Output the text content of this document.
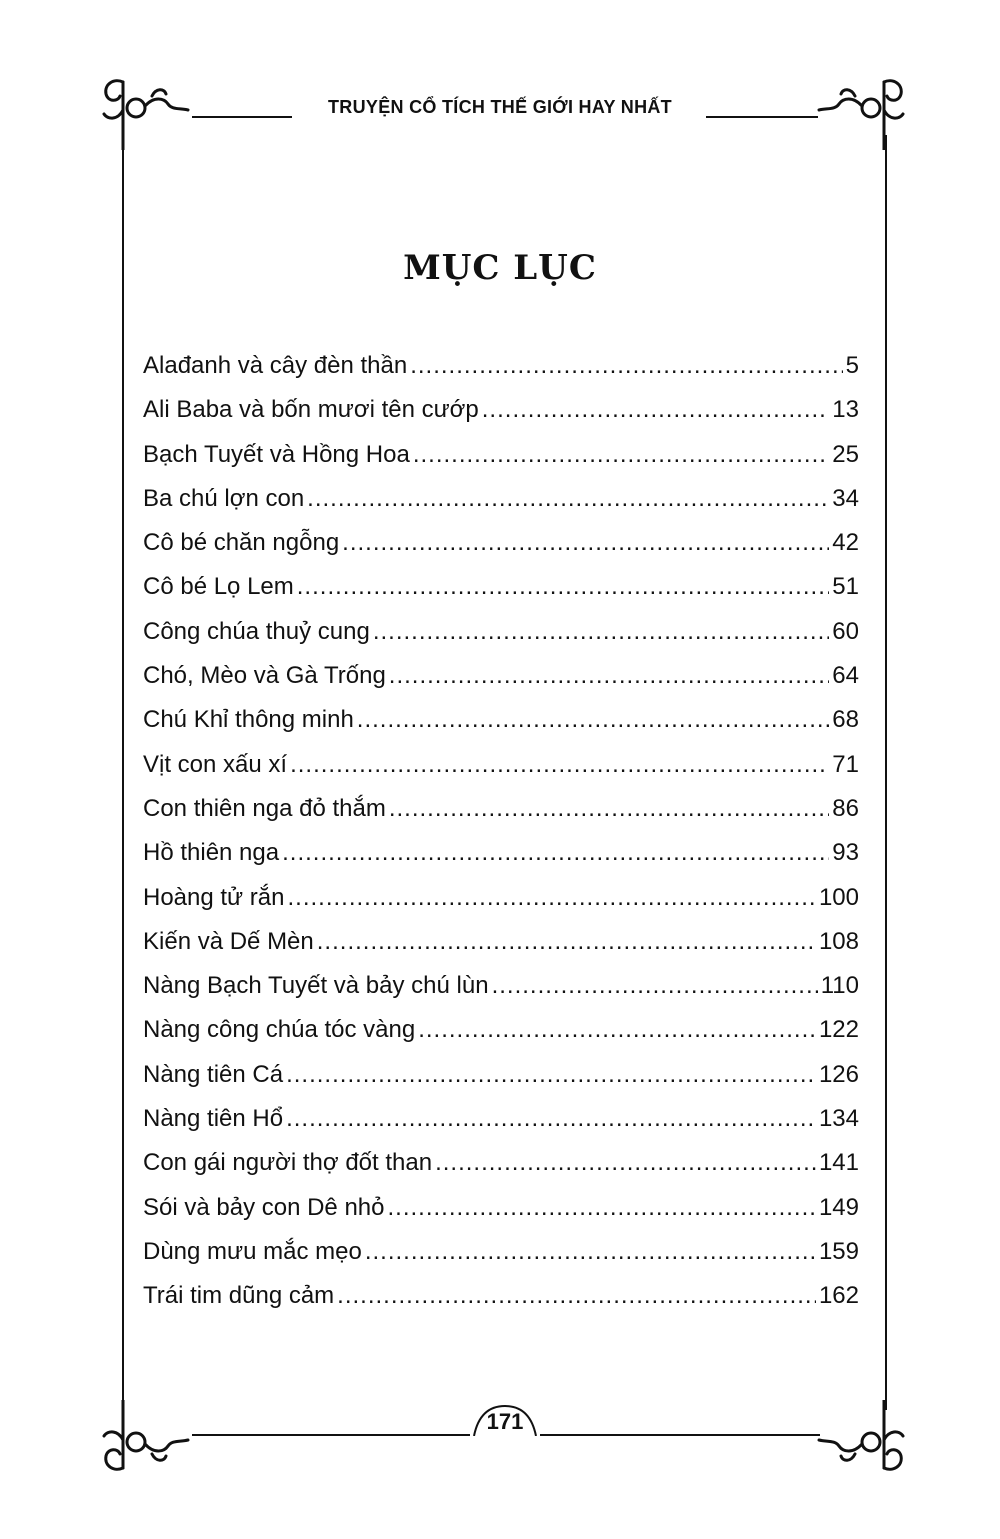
TRUYỆN CỔ TÍCH THẾ GIỚI HAY NHẤT
MỤC LỤC
Alađanh và cây đèn thần .....	5
Ali Baba và bốn mươi tên cướp .....	13
Bạch Tuyết và Hồng Hoa .....	25
Ba chú lợn con .....	34
Cô bé chăn ngỗng .....	42
Cô bé Lọ Lem .....	51
Công chúa thuỷ cung .....	60
Chó, Mèo và Gà Trống .....	64
Chú Khỉ thông minh .....	68
Vịt con xấu xí .....	71
Con thiên nga đỏ thắm .....	86
Hồ thiên nga .....	93
Hoàng tử rắn .....	100
Kiến và Dế Mèn .....	108
Nàng Bạch Tuyết và bảy chú lùn .....	110
Nàng công chúa tóc vàng .....	122
Nàng tiên Cá .....	126
Nàng tiên Hổ .....	134
Con gái người thợ đốt than .....	141
Sói và bảy con Dê nhỏ .....	149
Dùng mưu mắc mẹo .....	159
Trái tim dũng cảm .....	162
171
